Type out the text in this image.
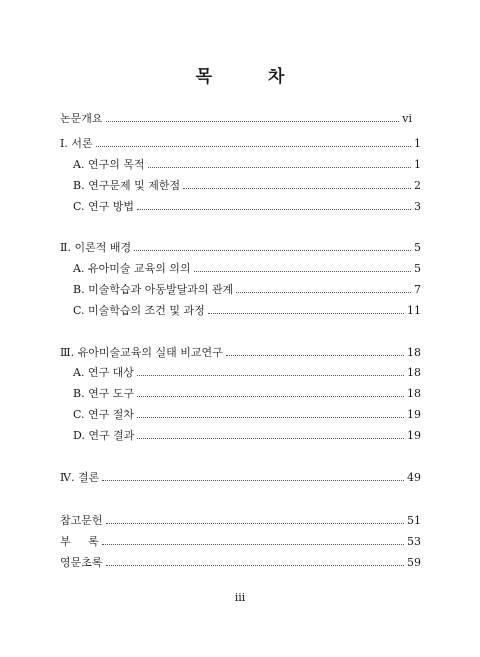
목	차
논문개요	vi
Ⅰ. 서론	1
A. 연구의 목적	1
B. 연구문제 및 제한점	2
C. 연구 방법	3
Ⅱ. 이론적 배경	5
A. 유아미술 교육의 의의	5
B. 미술학습과 아동발달과의 관계	7
C. 미술학습의 조건 및 과정	11
Ⅲ. 유아미술교육의 실태 비교연구	18
A. 연구 대상	18
B. 연구 도구	18
C. 연구 절차	19
D. 연구 결과	19
Ⅳ. 결론	49
참고문헌	51
부     록	53
영문초록	59
iii
